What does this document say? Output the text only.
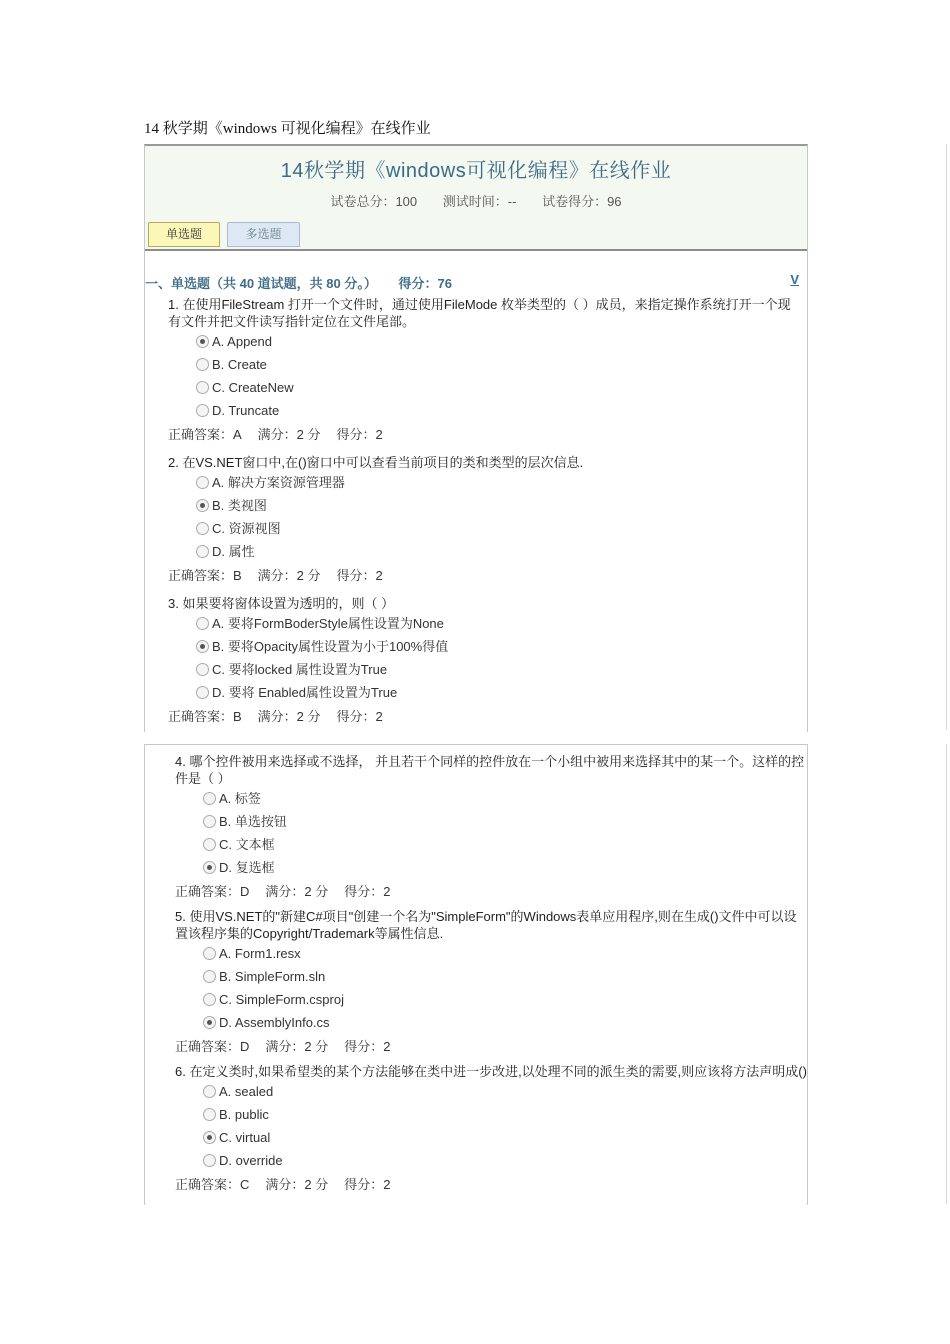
14 秋学期《windows 可视化编程》在线作业
14秋学期《windows可视化编程》在线作业
试卷总分：100 测试时间：-- 试卷得分：96
单选题	多选题
一、单选题（共 40 道试题，共 80 分。） 得分：76	V
1. 在使用FileStream 打开一个文件时，通过使用FileMode 枚举类型的（ ）成员，来指定操作系统打开一个现有文件并把文件读写指针定位在文件尾部。
A. Append
B. Create
C. CreateNew
D. Truncate
正确答案：A 满分：2 分 得分：2
2. 在VS.NET窗口中,在()窗口中可以查看当前项目的类和类型的层次信息.
A. 解决方案资源管理器
B. 类视图
C. 资源视图
D. 属性
正确答案：B 满分：2 分 得分：2
3. 如果要将窗体设置为透明的，则（ ）
A. 要将FormBoderStyle属性设置为None
B. 要将Opacity属性设置为小于100%得值
C. 要将locked 属性设置为True
D. 要将 Enabled属性设置为True
正确答案：B 满分：2 分 得分：2
4. 哪个控件被用来选择或不选择， 并且若干个同样的控件放在一个小组中被用来选择其中的某一个。这样的控件是（ ）
A. 标签
B. 单选按钮
C. 文本框
D. 复选框
正确答案：D 满分：2 分 得分：2
5. 使用VS.NET的"新建C#项目"创建一个名为"SimpleForm"的Windows表单应用程序,则在生成()文件中可以设置该程序集的Copyright/Trademark等属性信息.
A. Form1.resx
B. SimpleForm.sln
C. SimpleForm.csproj
D. AssemblyInfo.cs
正确答案：D 满分：2 分 得分：2
6. 在定义类时,如果希望类的某个方法能够在类中进一步改进,以处理不同的派生类的需要,则应该将方法声明成()
A. sealed
B. public
C. virtual
D. override
正确答案：C 满分：2 分 得分：2
